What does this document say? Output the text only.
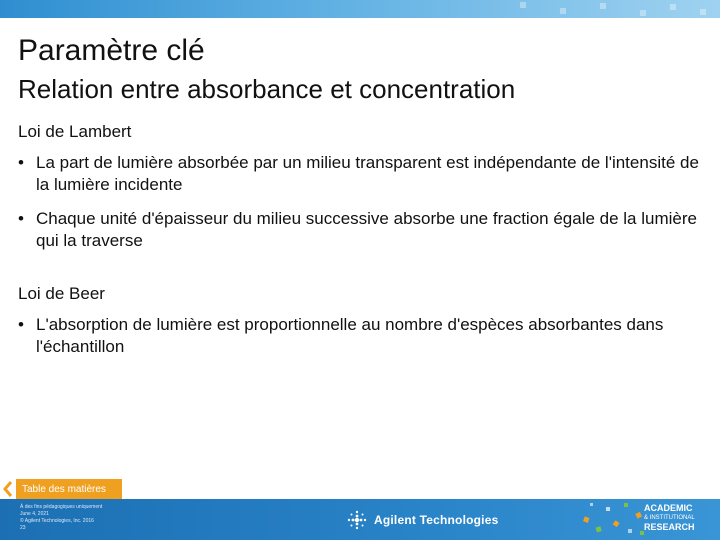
Paramètre clé
Relation entre absorbance et concentration
Loi de Lambert
• La part de lumière absorbée par un milieu transparent est indépendante de l'intensité de la lumière incidente
• Chaque unité d'épaisseur du milieu successive absorbe une fraction égale de la lumière qui la traverse
Loi de Beer
• L'absorption de lumière est proportionnelle au nombre d'espèces absorbantes dans l'échantillon
Table des matières
À des fins pédagogiques uniquement
June 4, 2021
© Agilent Technologies, Inc. 2016
23
Agilent Technologies
ACADEMIC
& INSTITUTIONAL
RESEARCH
